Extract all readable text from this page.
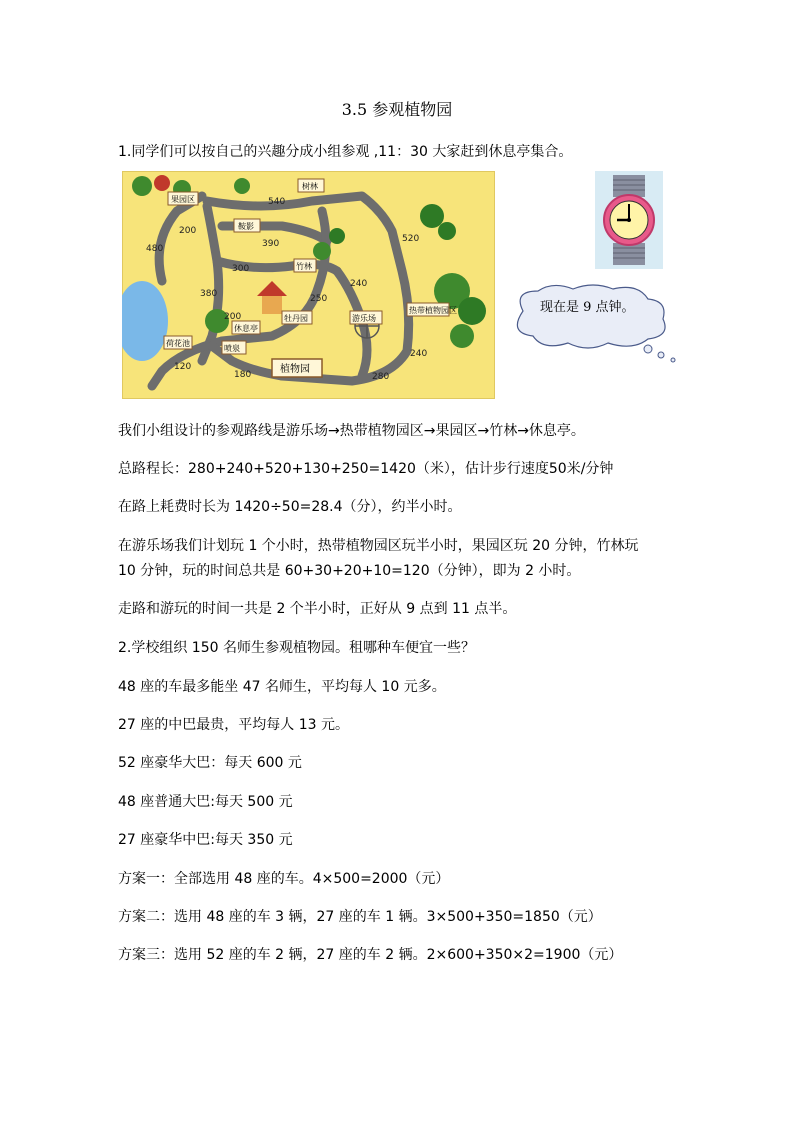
3.5 参观植物园
1.同学们可以按自己的兴趣分成小组参观 ,11：30 大家赶到休息亭集合。
果园区
树林
鞍影
竹林
游乐场
热带植物园区
牡丹园
休息亭
荷花池
喷泉
植物园
540
480
200
390
300
380
200
250
240
520
240
280
120
180
现在是 9 点钟。
我们小组设计的参观路线是游乐场→热带植物园区→果园区→竹林→休息亭。
总路程长：280+240+520+130+250=1420（米），估计步行速度50米/分钟
在路上耗费时长为 1420÷50=28.4（分），约半小时。
在游乐场我们计划玩 1 个小时，热带植物园区玩半小时，果园区玩 20 分钟，竹林玩
10 分钟，玩的时间总共是 60+30+20+10=120（分钟），即为 2 小时。
走路和游玩的时间一共是 2 个半小时，正好从 9 点到 11 点半。
2.学校组织 150 名师生参观植物园。租哪种车便宜一些？
48 座的车最多能坐 47 名师生，平均每人 10 元多。
27 座的中巴最贵，平均每人 13 元。
52 座豪华大巴：每天 600 元
48 座普通大巴:每天 500 元
27 座豪华中巴:每天 350 元
方案一：全部选用 48 座的车。4×500=2000（元）
方案二：选用 48 座的车 3 辆，27 座的车 1 辆。3×500+350=1850（元）
方案三：选用 52 座的车 2 辆，27 座的车 2 辆。2×600+350×2=1900（元）
